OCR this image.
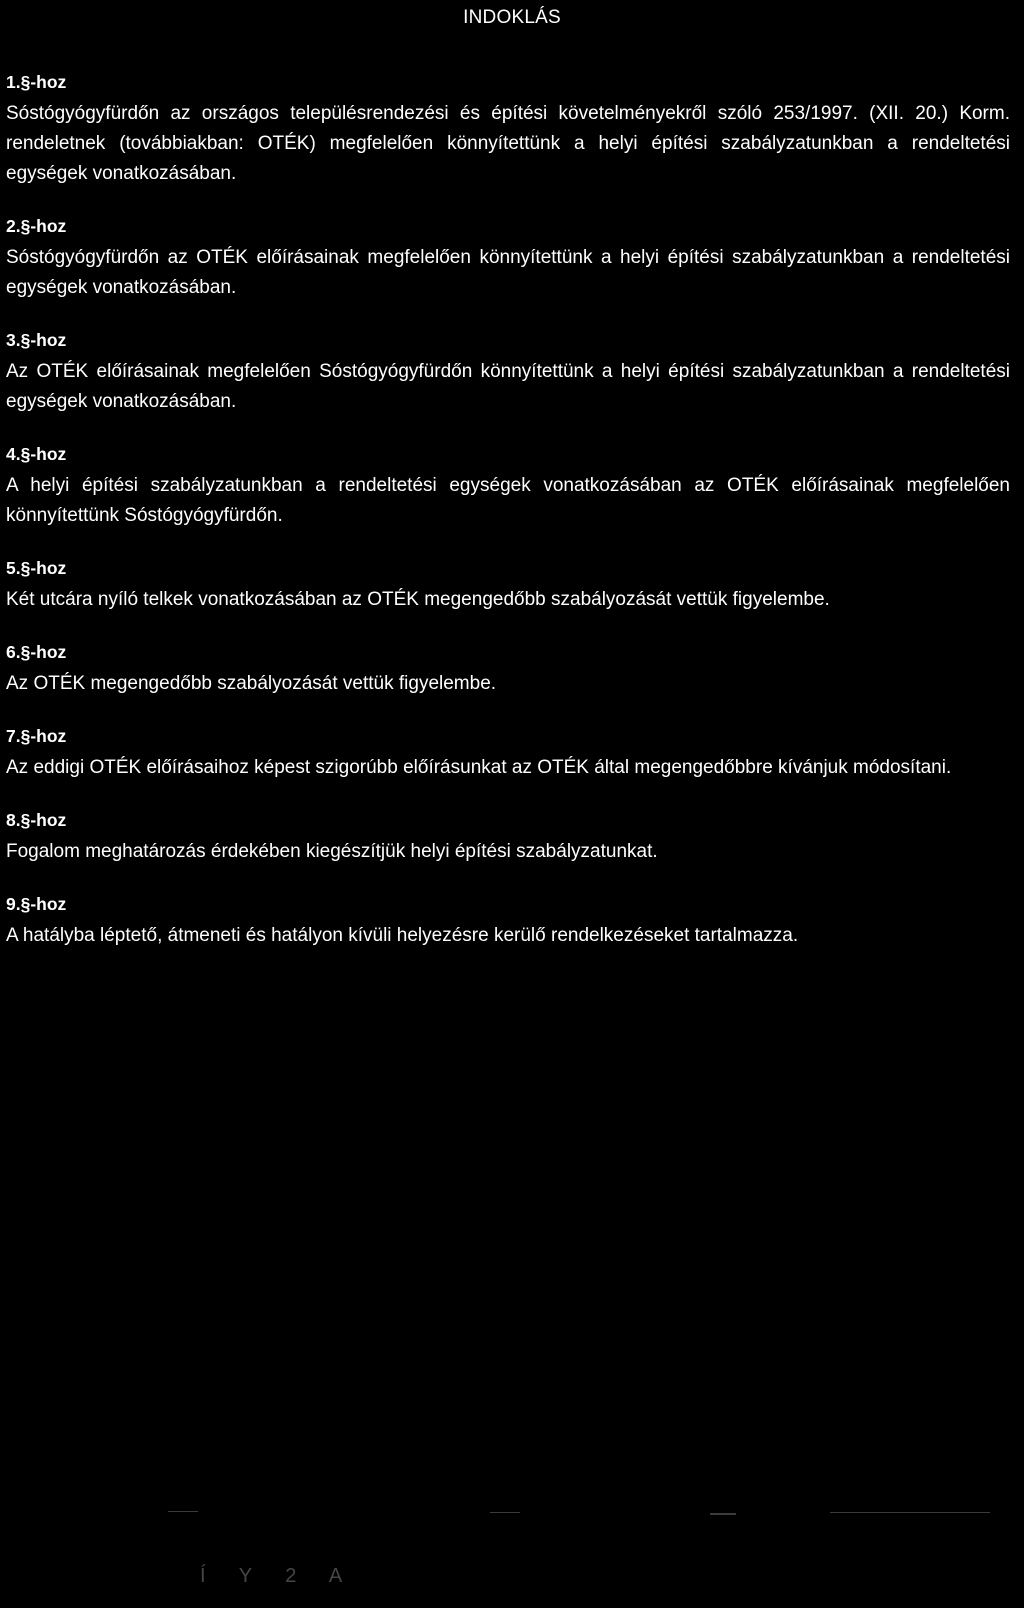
INDOKLÁS
1.§-hoz

Sóstógyógyfürdőn az országos településrendezési és építési követelményekről szóló 253/1997. (XII. 20.) Korm. rendeletnek (továbbiakban: OTÉK) megfelelően könnyítettünk a helyi építési szabályzatunkban a rendeltetési egységek vonatkozásában.

2.§-hoz

Sóstógyógyfürdőn az OTÉK előírásainak megfelelően könnyítettünk a helyi építési szabályzatunkban a rendeltetési egységek vonatkozásában.

3.§-hoz

Az OTÉK előírásainak megfelelően Sóstógyógyfürdőn könnyítettünk a helyi építési szabályzatunkban a rendeltetési egységek vonatkozásában.

4.§-hoz

A helyi építési szabályzatunkban a rendeltetési egységek vonatkozásában az OTÉK előírásainak megfelelően könnyítettünk Sóstógyógyfürdőn.

5.§-hoz

Két utcára nyíló telkek vonatkozásában az OTÉK megengedőbb szabályozását vettük figyelembe.

6.§-hoz

Az OTÉK megengedőbb szabályozását vettük figyelembe.

7.§-hoz

Az eddigi OTÉK előírásaihoz képest szigorúbb előírásunkat az OTÉK által megengedőbbre kívánjuk módosítani.

8.§-hoz

Fogalom meghatározás érdekében kiegészítjük helyi építési szabályzatunkat.

9.§-hoz

A hatályba léptető, átmeneti és hatályon kívüli helyezésre kerülő rendelkezéseket tartalmazza.

Í Y 2 A
